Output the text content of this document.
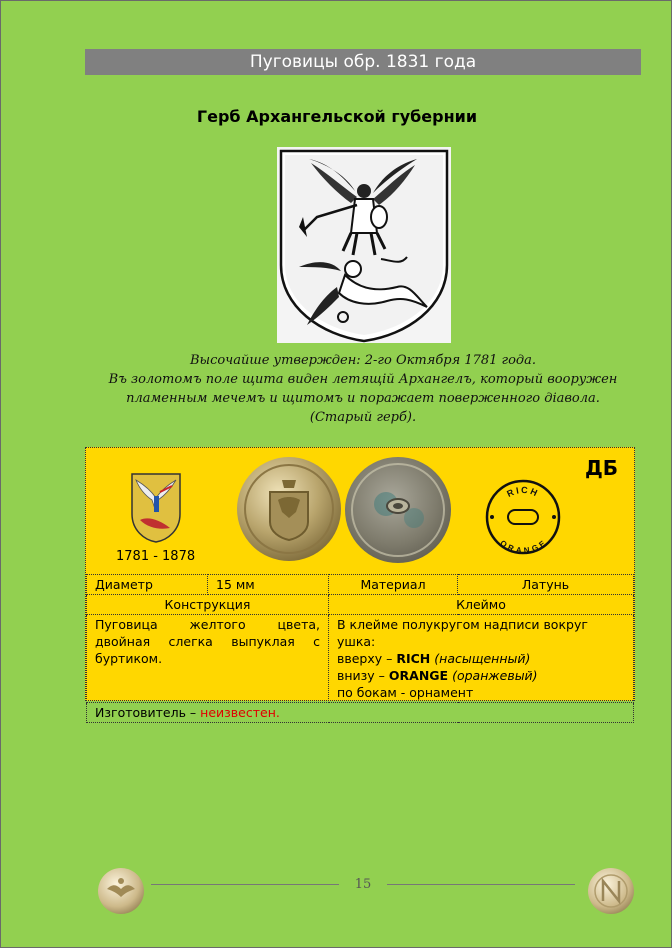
Пуговицы обр. 1831 года
Герб Архангельской губернии
Высочайше утвержден: 2-го Октября 1781 года.
Въ золотомъ поле щита виден летящій Архангелъ, который вооружен
пламенным мечемъ и щитомъ и поражает поверженного діавола.
(Старый герб).
ДБ
1781 - 1878
RICH
ORANGE
Диаметр	15 мм	Материал	Латунь
Конструкция		Клеймо	
Пуговица желтого цвета, двойная слегка выпуклая с буртиком.		В клейме полукругом надписи вокруг ушка:
вверху – RICH (насыщенный)
внизу – ORANGE (оранжевый)
по бокам - орнамент	

Изготовитель – неизвестен.			
15
